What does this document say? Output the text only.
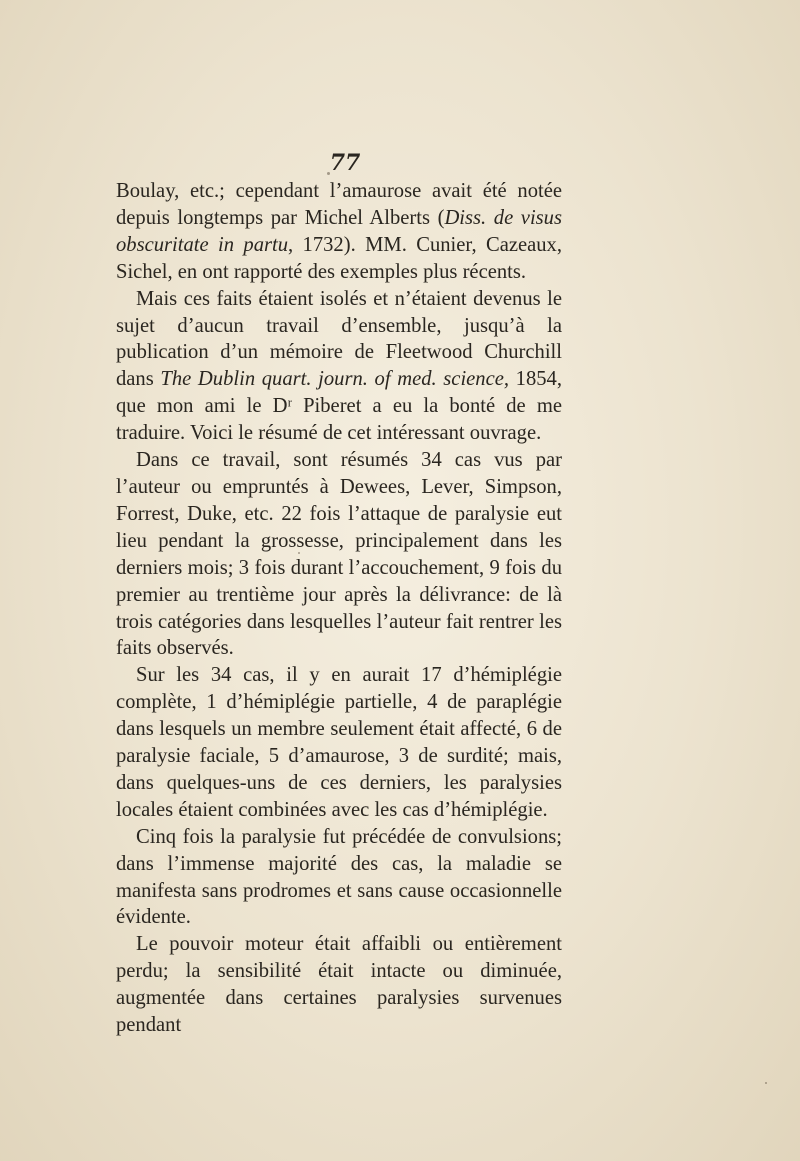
77

Boulay, etc.; cependant l’amaurose avait été notée depuis longtemps par Michel Alberts (Diss. de visus obscuritate in partu, 1732). MM. Cunier, Cazeaux, Sichel, en ont rapporté des exemples plus récents.

Mais ces faits étaient isolés et n’étaient devenus le sujet d’aucun travail d’ensemble, jusqu’à la publication d’un mémoire de Fleetwood Churchill dans The Dublin quart. journ. of med. science, 1854, que mon ami le Dʳ Piberet a eu la bonté de me traduire. Voici le résumé de cet intéressant ouvrage.

Dans ce travail, sont résumés 34 cas vus par l’auteur ou empruntés à Dewees, Lever, Simpson, Forrest, Duke, etc. 22 fois l’attaque de paralysie eut lieu pendant la grossesse, principalement dans les derniers mois; 3 fois durant l’accouchement, 9 fois du premier au trentième jour après la délivrance: de là trois catégories dans lesquelles l’auteur fait rentrer les faits observés.

Sur les 34 cas, il y en aurait 17 d’hémiplégie complète, 1 d’hémiplégie partielle, 4 de paraplégie dans lesquels un membre seulement était affecté, 6 de paralysie faciale, 5 d’amaurose, 3 de surdité; mais, dans quelques-uns de ces derniers, les paralysies locales étaient combinées avec les cas d’hémiplégie.

Cinq fois la paralysie fut précédée de convulsions; dans l’immense majorité des cas, la maladie se manifesta sans prodromes et sans cause occasionnelle évidente.

Le pouvoir moteur était affaibli ou entièrement perdu; la sensibilité était intacte ou diminuée, augmentée dans certaines paralysies survenues pendant
